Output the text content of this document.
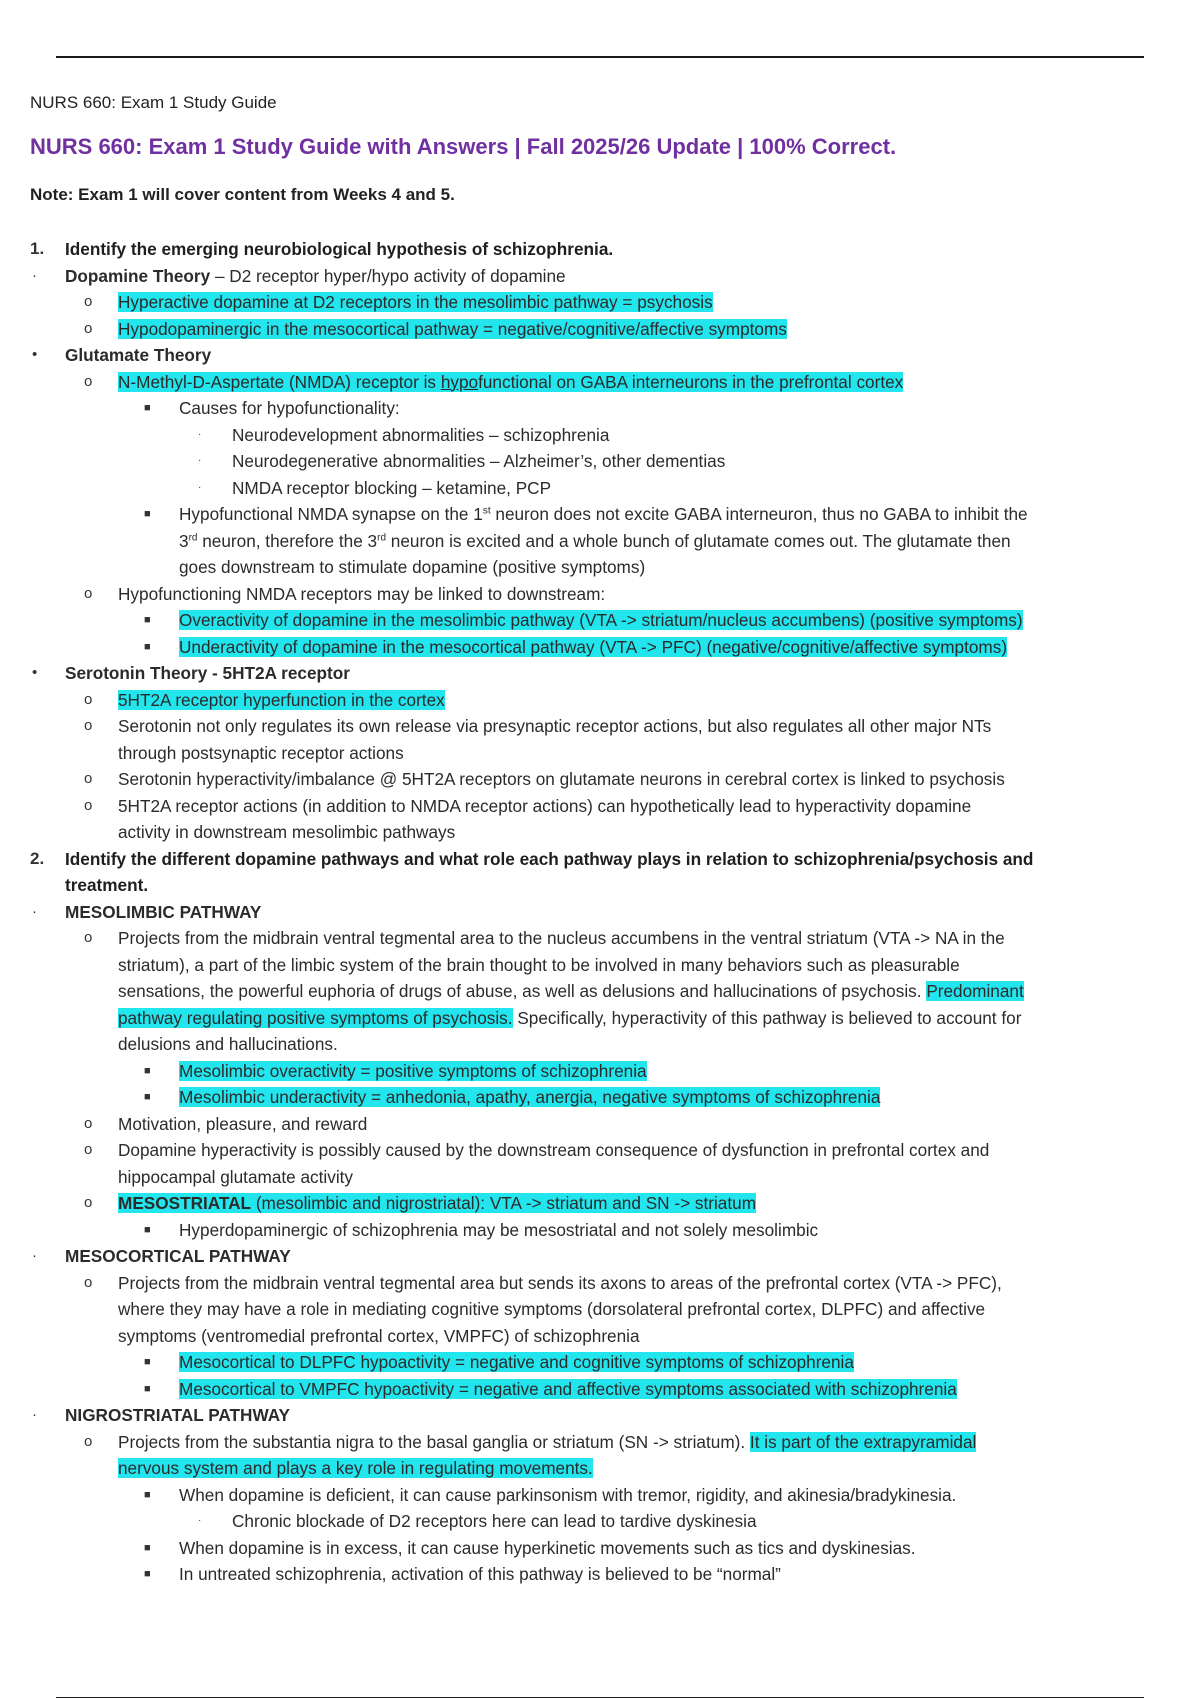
NURS 660: Exam 1 Study Guide
NURS 660: Exam 1 Study Guide with Answers | Fall 2025/26 Update | 100% Correct.
Note: Exam 1 will cover content from Weeks 4 and 5.
1. Identify the emerging neurobiological hypothesis of schizophrenia.
· Dopamine Theory – D2 receptor hyper/hypo activity of dopamine
o Hyperactive dopamine at D2 receptors in the mesolimbic pathway = psychosis
o Hypodopaminergic in the mesocortical pathway = negative/cognitive/affective symptoms
• Glutamate Theory
o N-Methyl-D-Aspertate (NMDA) receptor is hypofunctional on GABA interneurons in the prefrontal cortex
■ Causes for hypofunctionality:
· Neurodevelopment abnormalities – schizophrenia
· Neurodegenerative abnormalities – Alzheimer’s, other dementias
· NMDA receptor blocking – ketamine, PCP
■ Hypofunctional NMDA synapse on the 1st neuron does not excite GABA interneuron, thus no GABA to inhibit the
3rd neuron, therefore the 3rd neuron is excited and a whole bunch of glutamate comes out. The glutamate then
goes downstream to stimulate dopamine (positive symptoms)
o Hypofunctioning NMDA receptors may be linked to downstream:
■ Overactivity of dopamine in the mesolimbic pathway (VTA -> striatum/nucleus accumbens) (positive symptoms)
■ Underactivity of dopamine in the mesocortical pathway (VTA -> PFC) (negative/cognitive/affective symptoms)
• Serotonin Theory - 5HT2A receptor
o 5HT2A receptor hyperfunction in the cortex
o Serotonin not only regulates its own release via presynaptic receptor actions, but also regulates all other major NTs
through postsynaptic receptor actions
o Serotonin hyperactivity/imbalance @ 5HT2A receptors on glutamate neurons in cerebral cortex is linked to psychosis
o 5HT2A receptor actions (in addition to NMDA receptor actions) can hypothetically lead to hyperactivity dopamine
activity in downstream mesolimbic pathways
2. Identify the different dopamine pathways and what role each pathway plays in relation to schizophrenia/psychosis and
treatment.
· MESOLIMBIC PATHWAY
o Projects from the midbrain ventral tegmental area to the nucleus accumbens in the ventral striatum (VTA -> NA in the
striatum), a part of the limbic system of the brain thought to be involved in many behaviors such as pleasurable
sensations, the powerful euphoria of drugs of abuse, as well as delusions and hallucinations of psychosis. Predominant
pathway regulating positive symptoms of psychosis. Specifically, hyperactivity of this pathway is believed to account for
delusions and hallucinations.
■ Mesolimbic overactivity = positive symptoms of schizophrenia
■ Mesolimbic underactivity = anhedonia, apathy, anergia, negative symptoms of schizophrenia
o Motivation, pleasure, and reward
o Dopamine hyperactivity is possibly caused by the downstream consequence of dysfunction in prefrontal cortex and
hippocampal glutamate activity
o MESOSTRIATAL (mesolimbic and nigrostriatal): VTA -> striatum and SN -> striatum
■ Hyperdopaminergic of schizophrenia may be mesostriatal and not solely mesolimbic
· MESOCORTICAL PATHWAY
o Projects from the midbrain ventral tegmental area but sends its axons to areas of the prefrontal cortex (VTA -> PFC),
where they may have a role in mediating cognitive symptoms (dorsolateral prefrontal cortex, DLPFC) and affective
symptoms (ventromedial prefrontal cortex, VMPFC) of schizophrenia
■ Mesocortical to DLPFC hypoactivity = negative and cognitive symptoms of schizophrenia
■ Mesocortical to VMPFC hypoactivity = negative and affective symptoms associated with schizophrenia
· NIGROSTRIATAL PATHWAY
o Projects from the substantia nigra to the basal ganglia or striatum (SN -> striatum). It is part of the extrapyramidal
nervous system and plays a key role in regulating movements.
■ When dopamine is deficient, it can cause parkinsonism with tremor, rigidity, and akinesia/bradykinesia.
· Chronic blockade of D2 receptors here can lead to tardive dyskinesia
■ When dopamine is in excess, it can cause hyperkinetic movements such as tics and dyskinesias.
■ In untreated schizophrenia, activation of this pathway is believed to be “normal”
